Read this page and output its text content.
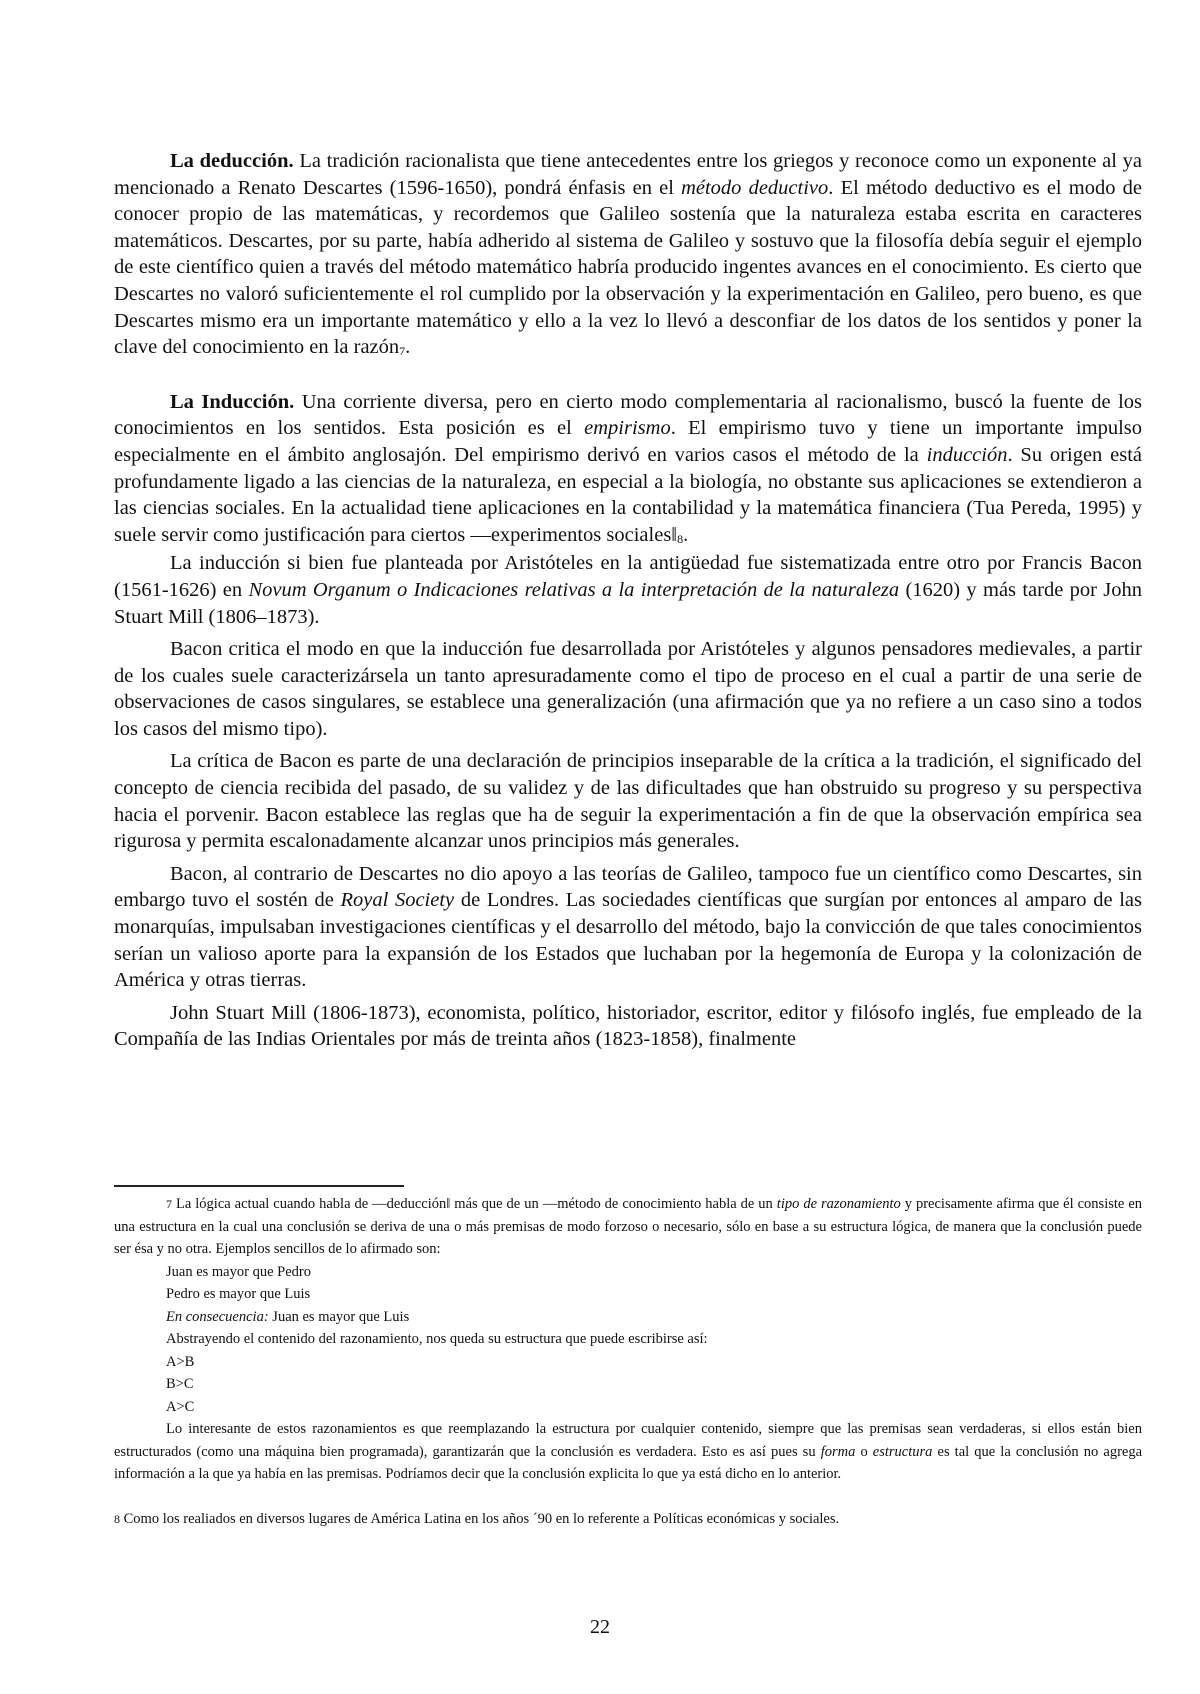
La deducción. La tradición racionalista que tiene antecedentes entre los griegos y reconoce como un exponente al ya mencionado a Renato Descartes (1596-1650), pondrá énfasis en el método deductivo. El método deductivo es el modo de conocer propio de las matemáticas, y recordemos que Galileo sostenía que la naturaleza estaba escrita en caracteres matemáticos. Descartes, por su parte, había adherido al sistema de Galileo y sostuvo que la filosofía debía seguir el ejemplo de este científico quien a través del método matemático habría producido ingentes avances en el conocimiento. Es cierto que Descartes no valoró suficientemente el rol cumplido por la observación y la experimentación en Galileo, pero bueno, es que Descartes mismo era un importante matemático y ello a la vez lo llevó a desconfiar de los datos de los sentidos y poner la clave del conocimiento en la razón$^7$.

La Inducción. Una corriente diversa, pero en cierto modo complementaria al racionalismo, buscó la fuente de los conocimientos en los sentidos. Esta posición es el empirismo. El empirismo tuvo y tiene un importante impulso especialmente en el ámbito anglosajón. Del empirismo derivó en varios casos el método de la inducción. Su origen está profundamente ligado a las ciencias de la naturaleza, en especial a la biología, no obstante sus aplicaciones se extendieron a las ciencias sociales. En la actualidad tiene aplicaciones en la contabilidad y la matemática financiera (Tua Pereda, 1995) y suele servir como justificación para ciertos ―experimentos sociales‖$^8$.

La inducción si bien fue planteada por Aristóteles en la antigüedad fue sistematizada entre otro por Francis Bacon (1561-1626) en Novum Organum o Indicaciones relativas a la interpretación de la naturaleza (1620) y más tarde por John Stuart Mill (1806–1873).

Bacon critica el modo en que la inducción fue desarrollada por Aristóteles y algunos pensadores medievales, a partir de los cuales suele caracterizársela un tanto apresuradamente como el tipo de proceso en el cual a partir de una serie de observaciones de casos singulares, se establece una generalización (una afirmación que ya no refiere a un caso sino a todos los casos del mismo tipo).

La crítica de Bacon es parte de una declaración de principios inseparable de la crítica a la tradición, el significado del concepto de ciencia recibida del pasado, de su validez y de las dificultades que han obstruido su progreso y su perspectiva hacia el porvenir. Bacon establece las reglas que ha de seguir la experimentación a fin de que la observación empírica sea rigurosa y permita escalonadamente alcanzar unos principios más generales.

Bacon, al contrario de Descartes no dio apoyo a las teorías de Galileo, tampoco fue un científico como Descartes, sin embargo tuvo el sostén de Royal Society de Londres. Las sociedades científicas que surgían por entonces al amparo de las monarquías, impulsaban investigaciones científicas y el desarrollo del método, bajo la convicción de que tales conocimientos serían un valioso aporte para la expansión de los Estados que luchaban por la hegemonía de Europa y la colonización de América y otras tierras.

John Stuart Mill (1806-1873), economista, político, historiador, escritor, editor y filósofo inglés, fue empleado de la Compañía de las Indias Orientales por más de treinta años (1823-1858), finalmente

7 La lógica actual cuando habla de ―deducción‖ más que de un ―método de conocimiento habla de un tipo de razonamiento y precisamente afirma que él consiste en una estructura en la cual una conclusión se deriva de una o más premisas de modo forzoso o necesario, sólo en base a su estructura lógica, de manera que la conclusión puede ser ésa y no otra. Ejemplos sencillos de lo afirmado son:

Juan es mayor que Pedro

Pedro es mayor que Luis

En consecuencia: Juan es mayor que Luis

Abstrayendo el contenido del razonamiento, nos queda su estructura que puede escribirse así:

A>B

B>C

A>C

Lo interesante de estos razonamientos es que reemplazando la estructura por cualquier contenido, siempre que las premisas sean verdaderas, si ellos están bien estructurados (como una máquina bien programada), garantizarán que la conclusión es verdadera. Esto es así pues su forma o estructura es tal que la conclusión no agrega información a la que ya había en las premisas. Podríamos decir que la conclusión explicita lo que ya está dicho en lo anterior.

8 Como los realiados en diversos lugares de América Latina en los años ´90 en lo referente a Políticas económicas y sociales.

22
